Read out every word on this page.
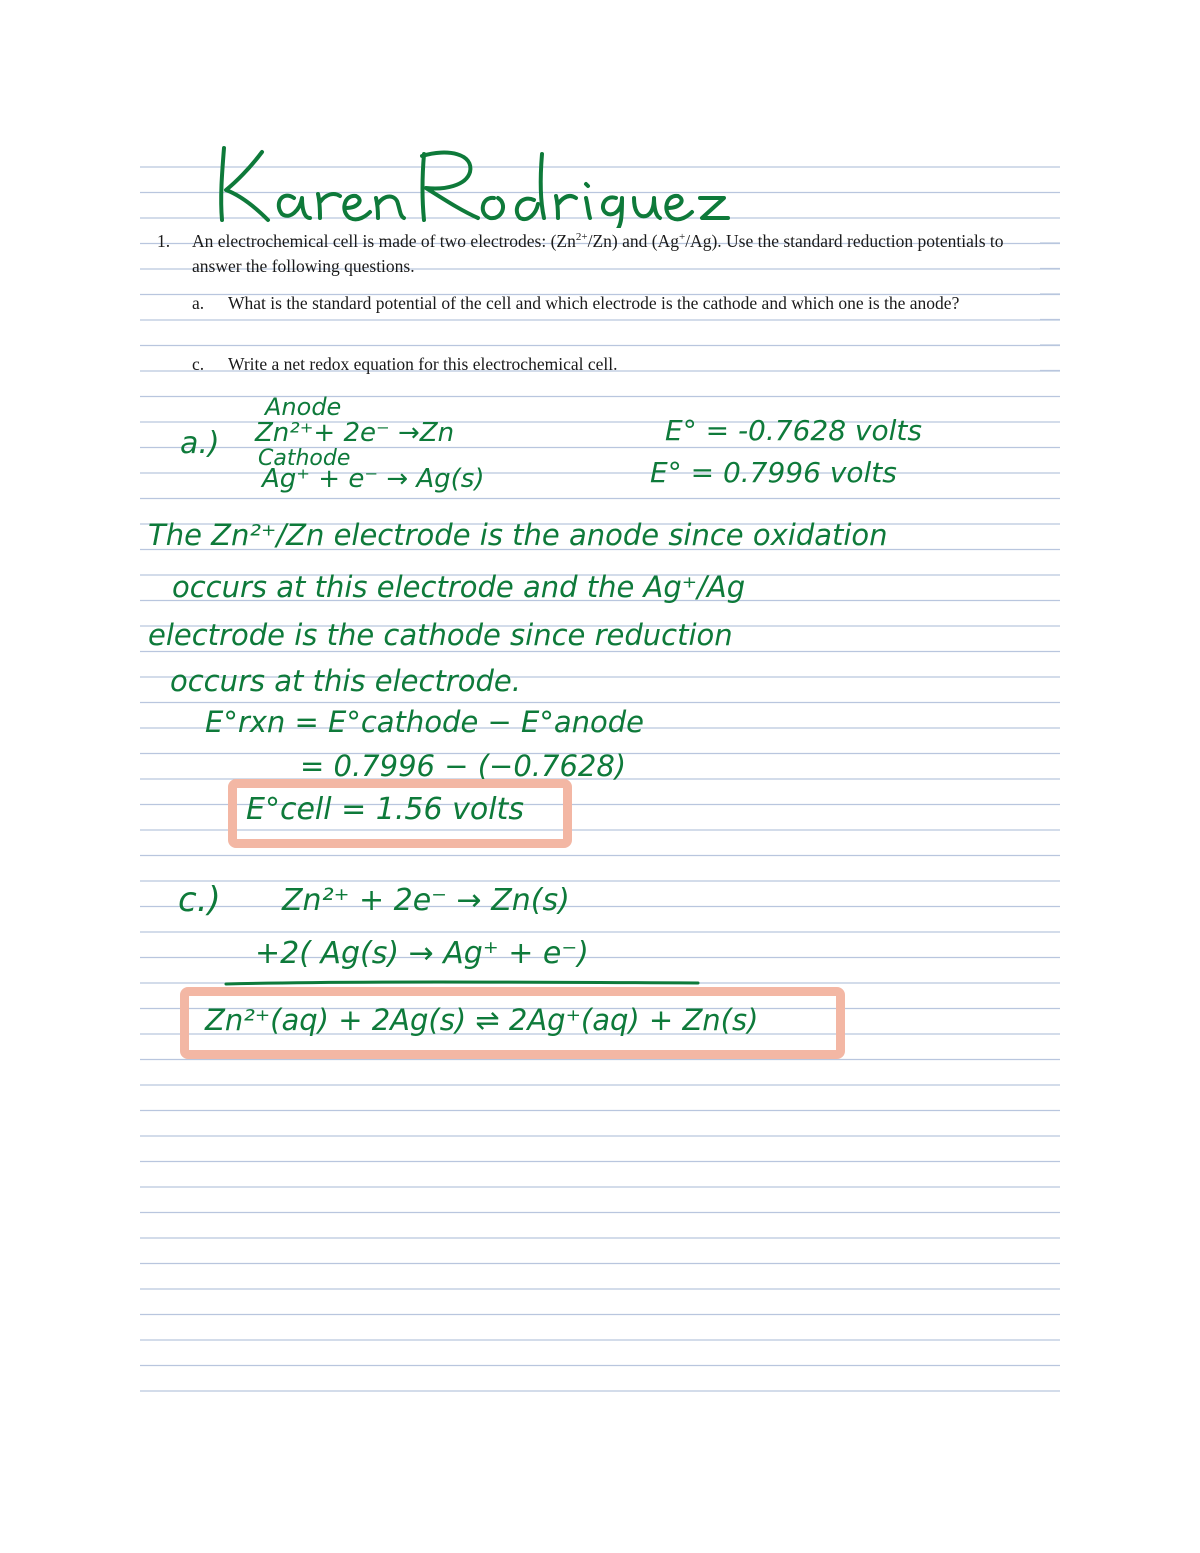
1. An electrochemical cell is made of two electrodes: $(Zn^{2+}/Zn)$ and (Ag+/Ag). Use the standard reduction potentials to answer the following questions.
a. What is the standard potential of the cell and which electrode is the cathode and which one is the anode?
c. Write a net redox equation for this electrochemical cell.
a.)
Anode
Zn²⁺+ 2e⁻ →Zn
Cathode
Ag⁺ + e⁻ → Ag(s)
E° = -0.7628 volts
E° = 0.7996 volts
The Zn²⁺/Zn electrode is the anode since oxidation
occurs at this electrode and the Ag⁺/Ag
electrode is the cathode since reduction
occurs at this electrode.
E°rxn = E°cathode − E°anode
= 0.7996 − (−0.7628)
E°cell = 1.56 volts
c.) Zn²⁺ + 2e⁻ → Zn(s)
+2( Ag(s) → Ag⁺ + e⁻)
Zn²⁺(aq) + 2Ag(s) ⇌ 2Ag⁺(aq) + Zn(s)
